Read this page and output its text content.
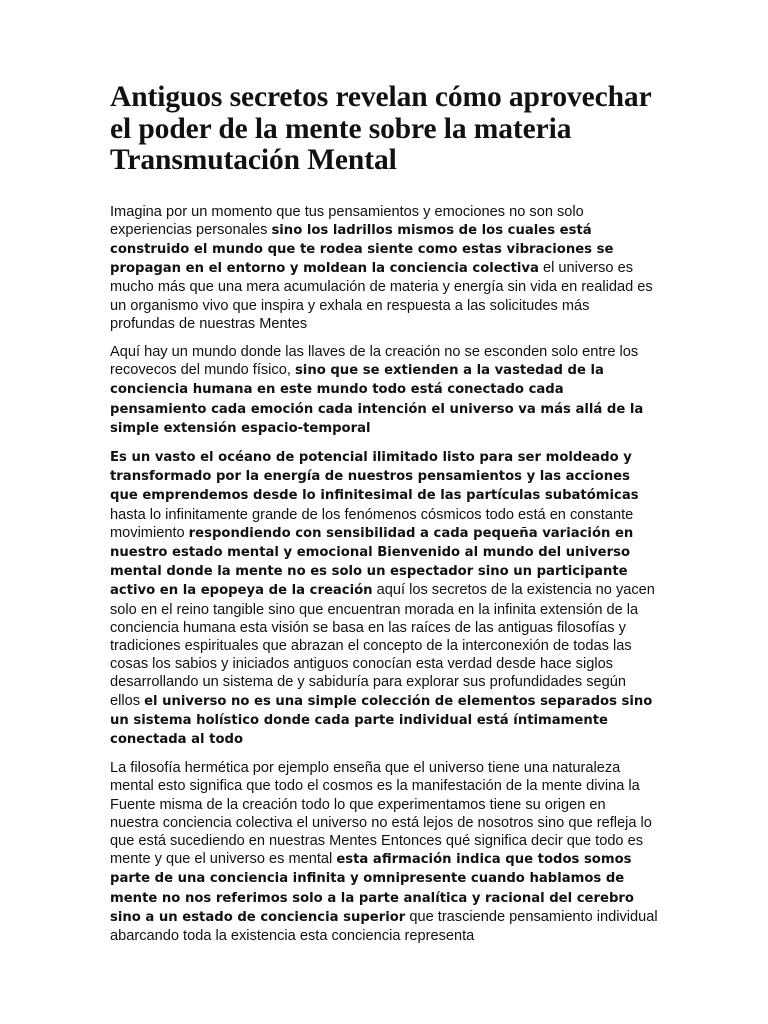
Antiguos secretos revelan cómo aprovechar el poder de la mente sobre la materia Transmutación Mental

Imagina por un momento que tus pensamientos y emociones no son solo experiencias personales sino los ladrillos mismos de los cuales está construido el mundo que te rodea siente como estas vibraciones se propagan en el entorno y moldean la conciencia colectiva el universo es mucho más que una mera acumulación de materia y energía sin vida en realidad es un organismo vivo que inspira y exhala en respuesta a las solicitudes más profundas de nuestras Mentes

Aquí hay un mundo donde las llaves de la creación no se esconden solo entre los recovecos del mundo físico, sino que se extienden a la vastedad de la conciencia humana en este mundo todo está conectado cada pensamiento cada emoción cada intención el universo va más allá de la simple extensión espacio-temporal

Es un vasto el océano de potencial ilimitado listo para ser moldeado y transformado por la energía de nuestros pensamientos y las acciones que emprendemos desde lo infinitesimal de las partículas subatómicas hasta lo infinitamente grande de los fenómenos cósmicos todo está en constante movimiento respondiendo con sensibilidad a cada pequeña variación en nuestro estado mental y emocional Bienvenido al mundo del universo mental donde la mente no es solo un espectador sino un participante activo en la epopeya de la creación aquí los secretos de la existencia no yacen solo en el reino tangible sino que encuentran morada en la infinita extensión de la conciencia humana esta visión se basa en las raíces de las antiguas filosofías y tradiciones espirituales que abrazan el concepto de la interconexión de todas las cosas los sabios y iniciados antiguos conocían esta verdad desde hace siglos desarrollando un sistema de y sabiduría para explorar sus profundidades según ellos el universo no es una simple colección de elementos separados sino un sistema holístico donde cada parte individual está íntimamente conectada al todo

La filosofía hermética por ejemplo enseña que el universo tiene una naturaleza mental esto significa que todo el cosmos es la manifestación de la mente divina la Fuente misma de la creación todo lo que experimentamos tiene su origen en nuestra conciencia colectiva el universo no está lejos de nosotros sino que refleja lo que está sucediendo en nuestras Mentes Entonces qué significa decir que todo es mente y que el universo es mental esta afirmación indica que todos somos parte de una conciencia infinita y omnipresente cuando hablamos de mente no nos referimos solo a la parte analítica y racional del cerebro sino a un estado de conciencia superior que trasciende pensamiento individual abarcando toda la existencia esta conciencia representa
